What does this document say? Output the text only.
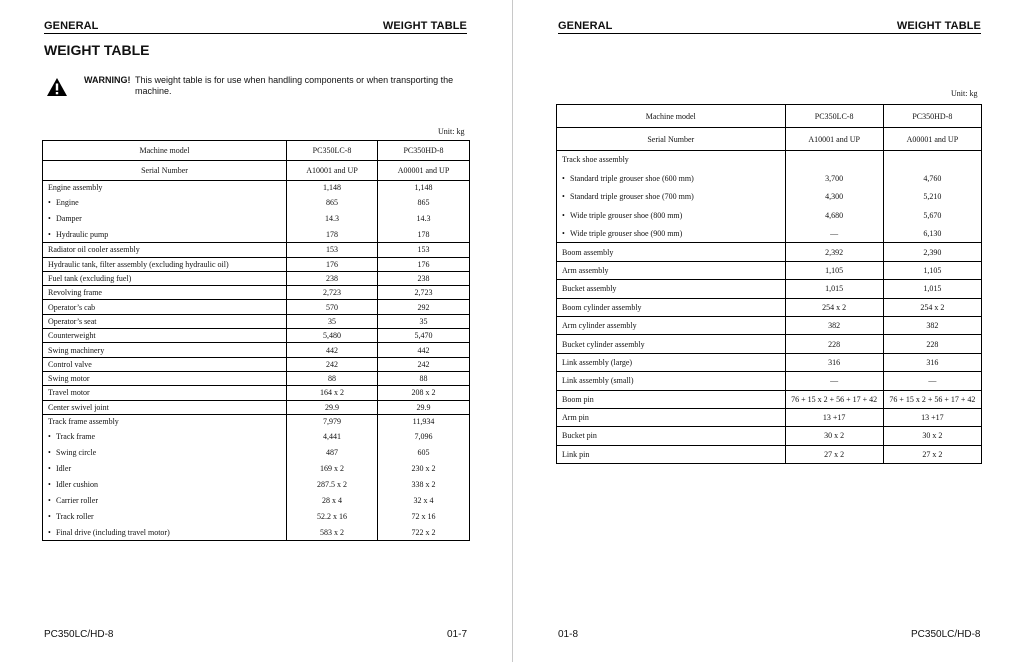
GENERAL	WEIGHT TABLE
WEIGHT TABLE
WARNING! This weight table is for use when handling components or when transporting the machine.
Unit: kg
Machine model	PC350LC-8	PC350HD-8
Serial Number	A10001 and UP	A00001 and UP
Engine assembly	1,148	1,148
• Engine	865	865
• Damper	14.3	14.3
• Hydraulic pump	178	178
Radiator oil cooler assembly	153	153
Hydraulic tank, filter assembly (excluding hydraulic oil)	176	176
Fuel tank (excluding fuel)	238	238
Revolving frame	2,723	2,723
Operator’s cab	570	292
Operator’s seat	35	35
Counterweight	5,480	5,470
Swing machinery	442	442
Control valve	242	242
Swing motor	88	88
Travel motor	164 x 2	208 x 2
Center swivel joint	29.9	29.9
Track frame assembly	7,979	11,934
• Track frame	4,441	7,096
• Swing circle	487	605
• Idler	169 x 2	230 x 2
• Idler cushion	287.5 x 2	338 x 2
• Carrier roller	28 x 4	32 x 4
• Track roller	52.2 x 16	72 x 16
• Final drive (including travel motor)	583 x 2	722 x 2
PC350LC/HD-8	01-7
GENERAL	WEIGHT TABLE
Unit: kg
01-8	PC350LC/HD-8
Machine model	PC350LC-8	PC350HD-8
Serial Number	A10001 and UP	A00001 and UP
Track shoe assembly		
• Standard triple grouser shoe (600 mm)	3,700	4,760
• Standard triple grouser shoe (700 mm)	4,300	5,210
• Wide triple grouser shoe (800 mm)	4,680	5,670
• Wide triple grouser shoe (900 mm)	—	6,130
Boom assembly	2,392	2,390
Arm assembly	1,105	1,105
Bucket assembly	1,015	1,015
Boom cylinder assembly	254 x 2	254 x 2
Arm cylinder assembly	382	382
Bucket cylinder assembly	228	228
Link assembly (large)	316	316
Link assembly (small)	—	—
Boom pin	76 + 15 x 2 + 56 + 17 + 42	76 + 15 x 2 + 56 + 17 + 42
Arm pin	13 +17	13 +17
Bucket pin	30 x 2	30 x 2
Link pin	27 x 2	27 x 2
